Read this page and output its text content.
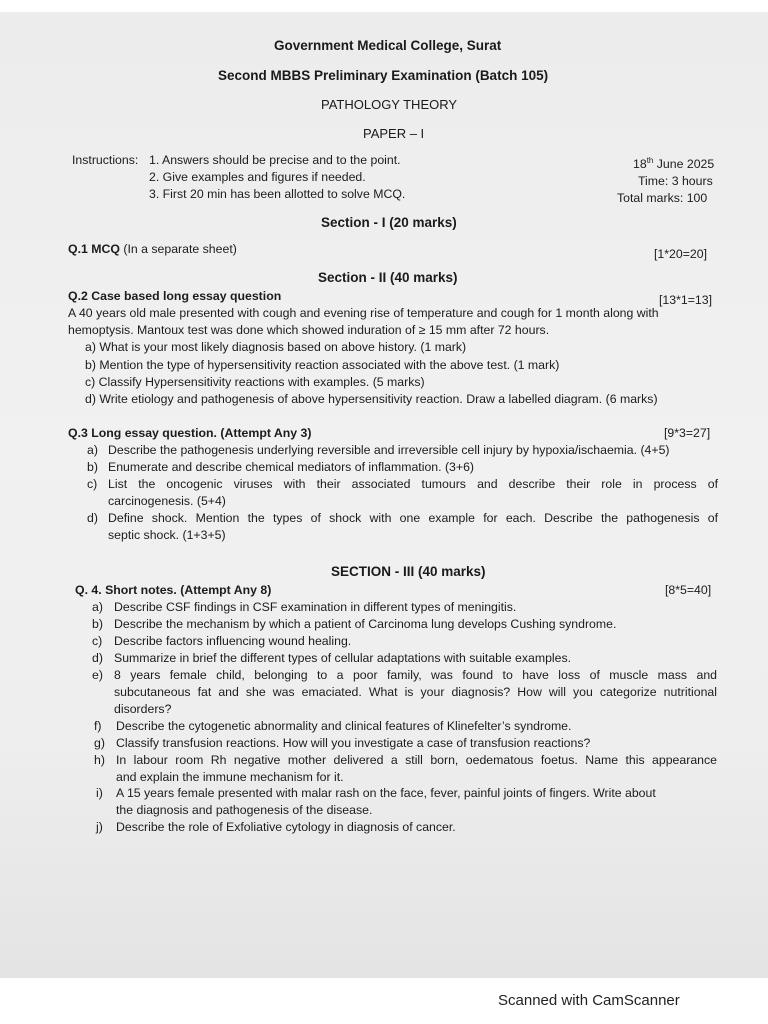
Government Medical College, Surat
Second MBBS Preliminary Examination (Batch 105)
PATHOLOGY THEORY
PAPER – I
Instructions: 1. Answers should be precise and to the point.
2. Give examples and figures if needed.
3. First 20 min has been allotted to solve MCQ.
18th June 2025
Time: 3 hours
Total marks: 100
Section - I (20 marks)
Q.1 MCQ (In a separate sheet)	[1*20=20]
Section - II (40 marks)
Q.2 Case based long essay question	[13*1=13]
A 40 years old male presented with cough and evening rise of temperature and cough for 1 month along with
hemoptysis. Mantoux test was done which showed induration of ≥ 15 mm after 72 hours.
a) What is your most likely diagnosis based on above history. (1 mark)
b) Mention the type of hypersensitivity reaction associated with the above test. (1 mark)
c) Classify Hypersensitivity reactions with examples. (5 marks)
d) Write etiology and pathogenesis of above hypersensitivity reaction. Draw a labelled diagram. (6 marks)
Q.3 Long essay question. (Attempt Any 3)	[9*3=27]
a) Describe the pathogenesis underlying reversible and irreversible cell injury by hypoxia/ischaemia. (4+5)
b) Enumerate and describe chemical mediators of inflammation. (3+6)
c) List the oncogenic viruses with their associated tumours and describe their role in process of
carcinogenesis. (5+4)
d) Define shock. Mention the types of shock with one example for each. Describe the pathogenesis of
septic shock. (1+3+5)
SECTION - III (40 marks)
Q. 4. Short notes. (Attempt Any 8)	[8*5=40]
a) Describe CSF findings in CSF examination in different types of meningitis.
b) Describe the mechanism by which a patient of Carcinoma lung develops Cushing syndrome.
c) Describe factors influencing wound healing.
d) Summarize in brief the different types of cellular adaptations with suitable examples.
e) 8 years female child, belonging to a poor family, was found to have loss of muscle mass and
subcutaneous fat and she was emaciated. What is your diagnosis? How will you categorize nutritional
disorders?
f) Describe the cytogenetic abnormality and clinical features of Klinefelter’s syndrome.
g) Classify transfusion reactions. How will you investigate a case of transfusion reactions?
h) In labour room Rh negative mother delivered a still born, oedematous foetus. Name this appearance
and explain the immune mechanism for it.
i) A 15 years female presented with malar rash on the face, fever, painful joints of fingers. Write about
the diagnosis and pathogenesis of the disease.
j) Describe the role of Exfoliative cytology in diagnosis of cancer.
Scanned with CamScanner
